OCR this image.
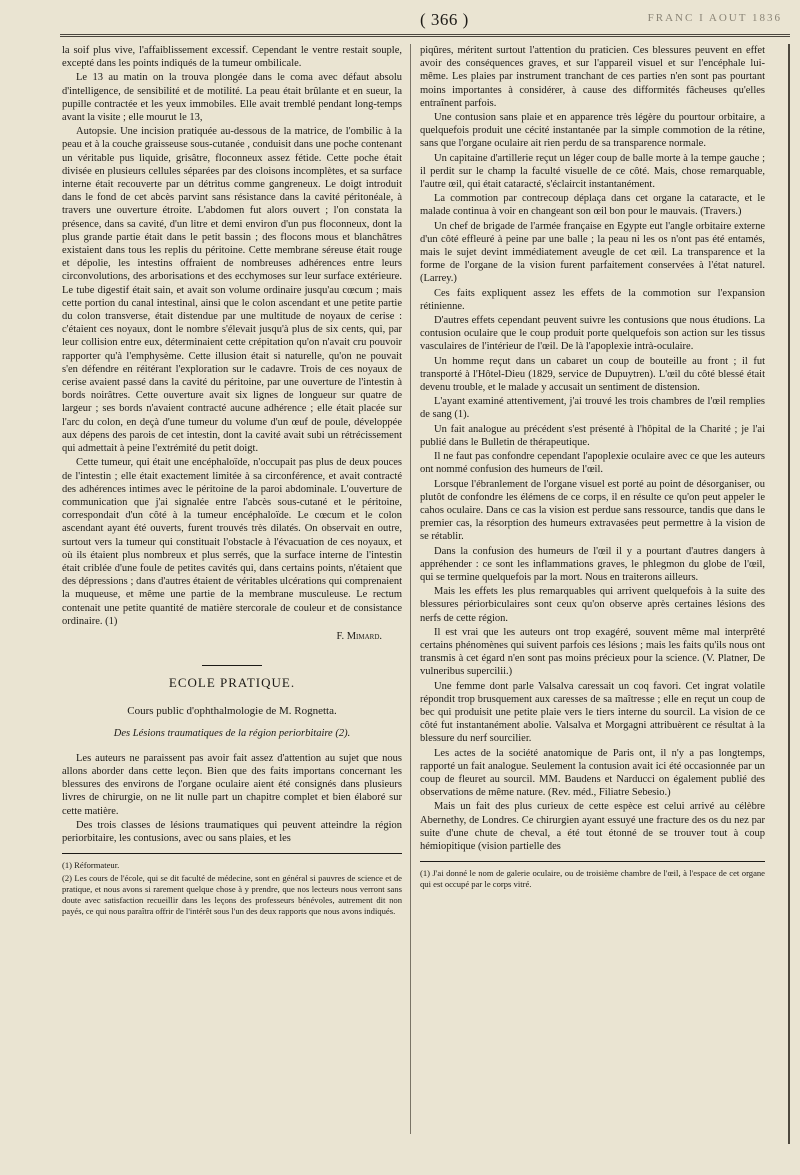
( 366 )	FRANC I AOUT 1836

la soif plus vive, l'affaiblissement excessif. Cependant le ventre restait souple, excepté dans les points indiqués de la tumeur ombilicale.

Le 13 au matin on la trouva plongée dans le coma avec défaut absolu d'intelligence, de sensibilité et de motilité. La peau était brûlante et en sueur, la pupille contractée et les yeux immobiles. Elle avait tremblé pendant long-temps avant la visite ; elle mourut le 13,

Autopsie. Une incision pratiquée au-dessous de la matrice, de l'ombilic à la peau et à la couche graisseuse sous-cutanée , conduisit dans une poche contenant un véritable pus liquide, grisâtre, floconneux assez fétide. Cette poche était divisée en plusieurs cellules séparées par des cloisons incomplètes, et sa surface interne était recouverte par un détritus comme gangreneux. Le doigt introduit dans le fond de cet abcès parvint sans résistance dans la cavité péritonéale, à travers une ouverture étroite. L'abdomen fut alors ouvert ; l'on constata la présence, dans sa cavité, d'un litre et demi environ d'un pus floconneux, dont la plus grande partie était dans le petit bassin ; des flocons mous et blanchâtres existaient dans tous les replis du péritoine. Cette membrane séreuse était rouge et dépolie, les intestins offraient de nombreuses adhérences entre leurs circonvolutions, des arborisations et des ecchymoses sur leur surface extérieure. Le tube digestif était sain, et avait son volume ordinaire jusqu'au cœcum ; mais cette portion du canal intestinal, ainsi que le colon ascendant et une petite partie du colon transverse, était distendue par une multitude de noyaux de cerise : c'étaient ces noyaux, dont le nombre s'élevait jusqu'à plus de six cents, qui, par leur collision entre eux, déterminaient cette crépitation qu'on n'avait cru pouvoir rapporter qu'à l'emphysème. Cette illusion était si naturelle, qu'on ne pouvait s'en défendre en réitérant l'exploration sur le cadavre. Trois de ces noyaux de cerise avaient passé dans la cavité du péritoine, par une ouverture de l'intestin à bords noirâtres. Cette ouverture avait six lignes de longueur sur quatre de largeur ; ses bords n'avaient contracté aucune adhérence ; elle était placée sur l'arc du colon, en deçà d'une tumeur du volume d'un œuf de poule, développée aux dépens des parois de cet intestin, dont la cavité avait subi un rétrécissement qui admettait à peine l'extrémité du petit doigt.

Cette tumeur, qui était une encéphaloïde, n'occupait pas plus de deux pouces de l'intestin ; elle était exactement limitée à sa circonférence, et avait contracté des adhérences intimes avec le péritoine de la paroi abdominale. L'ouverture de communication que j'ai signalée entre l'abcès sous-cutané et le péritoine, correspondait d'un côté à la tumeur encéphaloïde. Le cœcum et le colon ascendant ayant été ouverts, furent trouvés très dilatés. On observait en outre, surtout vers la tumeur qui constituait l'obstacle à l'évacuation de ces noyaux, et où ils étaient plus nombreux et plus serrés, que la surface interne de l'intestin était criblée d'une foule de petites cavités qui, dans certains points, n'étaient que des dépressions ; dans d'autres étaient de véritables ulcérations qui comprenaient la muqueuse, et même une partie de la membrane musculeuse. Le rectum contenait une petite quantité de matière stercorale de couleur et de consistance ordinaire. (1)

F. Mimard.
ECOLE PRATIQUE.
Cours public d'ophthalmologie de M. Rognetta.
Des Lésions traumatiques de la région periorbitaire (2).

Les auteurs ne paraissent pas avoir fait assez d'attention au sujet que nous allons aborder dans cette leçon. Bien que des faits importans concernant les blessures des environs de l'organe oculaire aient été consignés dans plusieurs livres de chirurgie, on ne lit nulle part un chapitre complet et bien élaboré sur cette matière.

Des trois classes de lésions traumatiques qui peuvent atteindre la région periorbitaire, les contusions, avec ou sans plaies, et les

(1) Réformateur.

(2) Les cours de l'école, qui se dit faculté de médecine, sont en général si pauvres de science et de pratique, et nous avons si rarement quelque chose à y prendre, que nos lecteurs nous verront sans doute avec satisfaction recueillir dans les leçons des professeurs bénévoles, autrement dit non payés, ce qui nous paraîtra offrir de l'intérêt sous l'un des deux rapports que nous avons indiqués.

piqûres, méritent surtout l'attention du praticien. Ces blessures peuvent en effet avoir des conséquences graves, et sur l'appareil visuel et sur l'encéphale lui-même. Les plaies par instrument tranchant de ces parties n'en sont pas pourtant moins importantes à considérer, à cause des difformités fâcheuses qu'elles entraînent parfois.

Une contusion sans plaie et en apparence très légère du pourtour orbitaire, a quelquefois produit une cécité instantanée par la simple commotion de la rétine, sans que l'organe oculaire ait rien perdu de sa transparence normale.

Un capitaine d'artillerie reçut un léger coup de balle morte à la tempe gauche ; il perdit sur le champ la faculté visuelle de ce côté. Mais, chose remarquable, l'autre œil, qui était cataracté, s'éclaircit instantanément.

La commotion par contrecoup déplaça dans cet organe la cataracte, et le malade continua à voir en changeant son œil bon pour le mauvais. (Travers.)

Un chef de brigade de l'armée française en Egypte eut l'angle orbitaire externe d'un côté effleuré à peine par une balle ; la peau ni les os n'ont pas été entamés, mais le sujet devint immédiatement aveugle de cet œil. La transparence et la forme de l'organe de la vision furent parfaitement conservées à l'état naturel. (Larrey.)

Ces faits expliquent assez les effets de la commotion sur l'expansion rétinienne.

D'autres effets cependant peuvent suivre les contusions que nous étudions. La contusion oculaire que le coup produit porte quelquefois son action sur les tissus vasculaires de l'intérieur de l'œil. De là l'apoplexie intrà-oculaire.

Un homme reçut dans un cabaret un coup de bouteille au front ; il fut transporté à l'Hôtel-Dieu (1829, service de Dupuytren). L'œil du côté blessé était devenu trouble, et le malade y accusait un sentiment de distension.

L'ayant examiné attentivement, j'ai trouvé les trois chambres de l'œil remplies de sang (1).

Un fait analogue au précédent s'est présenté à l'hôpital de la Charité ; je l'ai publié dans le Bulletin de thérapeutique.

Il ne faut pas confondre cependant l'apoplexie oculaire avec ce que les auteurs ont nommé confusion des humeurs de l'œil.

Lorsque l'ébranlement de l'organe visuel est porté au point de désorganiser, ou plutôt de confondre les élémens de ce corps, il en résulte ce qu'on peut appeler le cahos oculaire. Dans ce cas la vision est perdue sans ressource, tandis que dans le premier cas, la résorption des humeurs extravasées peut permettre à la vision de se rétablir.

Dans la confusion des humeurs de l'œil il y a pourtant d'autres dangers à appréhender : ce sont les inflammations graves, le phlegmon du globe de l'œil, qui se termine quelquefois par la mort. Nous en traiterons ailleurs.

Mais les effets les plus remarquables qui arrivent quelquefois à la suite des blessures périorbiculaires sont ceux qu'on observe après certaines lésions des nerfs de cette région.

Il est vrai que les auteurs ont trop exagéré, souvent même mal interprêté certains phénomènes qui suivent parfois ces lésions ; mais les faits qu'ils nous ont transmis à cet égard n'en sont pas moins précieux pour la science. (V. Platner, De vulneribus supercilii.)

Une femme dont parle Valsalva caressait un coq favori. Cet ingrat volatile répondit trop brusquement aux caresses de sa maîtresse ; elle en reçut un coup de bec qui produisit une petite plaie vers le tiers interne du sourcil. La vision de ce côté fut instantanément abolie. Valsalva et Morgagni attribuèrent ce résultat à la blessure du nerf sourcilier.

Les actes de la société anatomique de Paris ont, il n'y a pas longtemps, rapporté un fait analogue. Seulement la contusion avait ici été occasionnée par un coup de fleuret au sourcil. MM. Baudens et Narducci on également publié des observations de même nature. (Rev. méd., Filiatre Sebesio.)

Mais un fait des plus curieux de cette espèce est celui arrivé au célèbre Abernethy, de Londres. Ce chirurgien ayant essuyé une fracture des os du nez par suite d'une chute de cheval, a été tout étonné de se trouver tout à coup hémiopitique (vision partielle des

(1) J'ai donné le nom de galerie oculaire, ou de troisième chambre de l'œil, à l'espace de cet organe qui est occupé par le corps vitré.
